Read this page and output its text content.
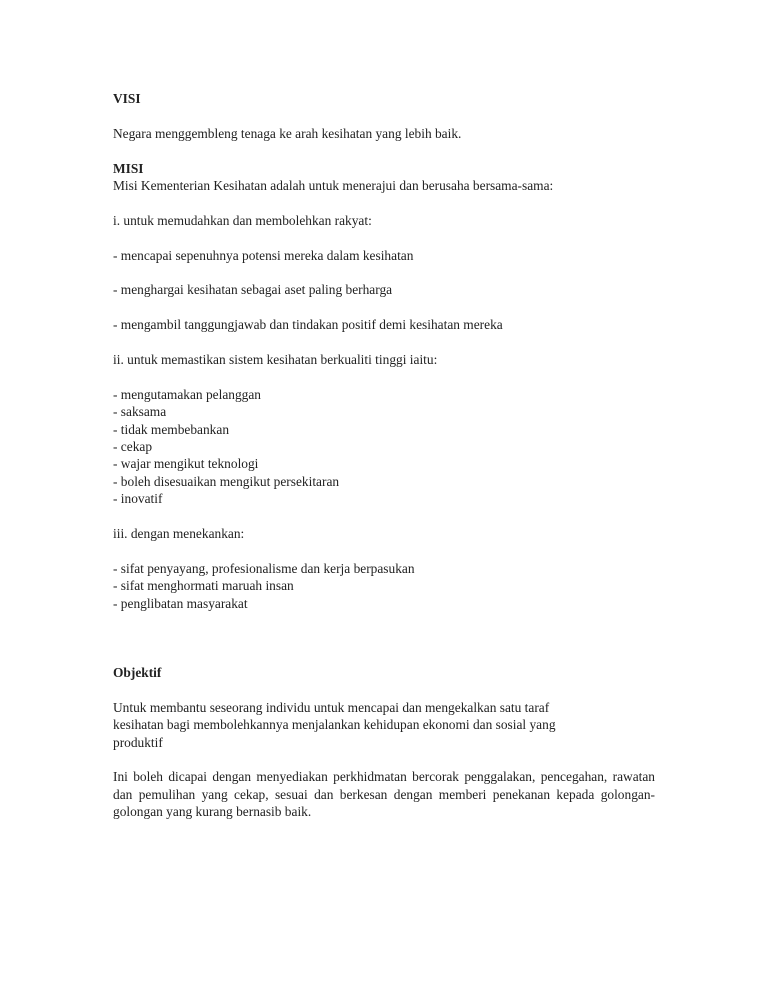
VISI
Negara menggembleng tenaga ke arah kesihatan yang lebih baik.
MISI
Misi Kementerian Kesihatan adalah untuk menerajui dan berusaha bersama-sama:
i. untuk memudahkan dan membolehkan rakyat:
- mencapai sepenuhnya potensi mereka dalam kesihatan
- menghargai kesihatan sebagai aset paling berharga
- mengambil tanggungjawab dan tindakan positif demi kesihatan mereka
ii. untuk memastikan sistem kesihatan berkualiti tinggi iaitu:
- mengutamakan pelanggan
- saksama
- tidak membebankan
- cekap
- wajar mengikut teknologi
- boleh disesuaikan mengikut persekitaran
- inovatif
iii. dengan menekankan:
- sifat penyayang, profesionalisme dan kerja berpasukan
- sifat menghormati maruah insan
- penglibatan masyarakat
Objektif
Untuk membantu seseorang individu untuk mencapai dan mengekalkan satu taraf
kesihatan bagi membolehkannya menjalankan kehidupan ekonomi dan sosial yang
produktif
Ini boleh dicapai dengan menyediakan perkhidmatan bercorak penggalakan, pencegahan, rawatan dan pemulihan yang cekap, sesuai dan berkesan dengan memberi penekanan kepada golongan-golongan yang kurang bernasib baik.
